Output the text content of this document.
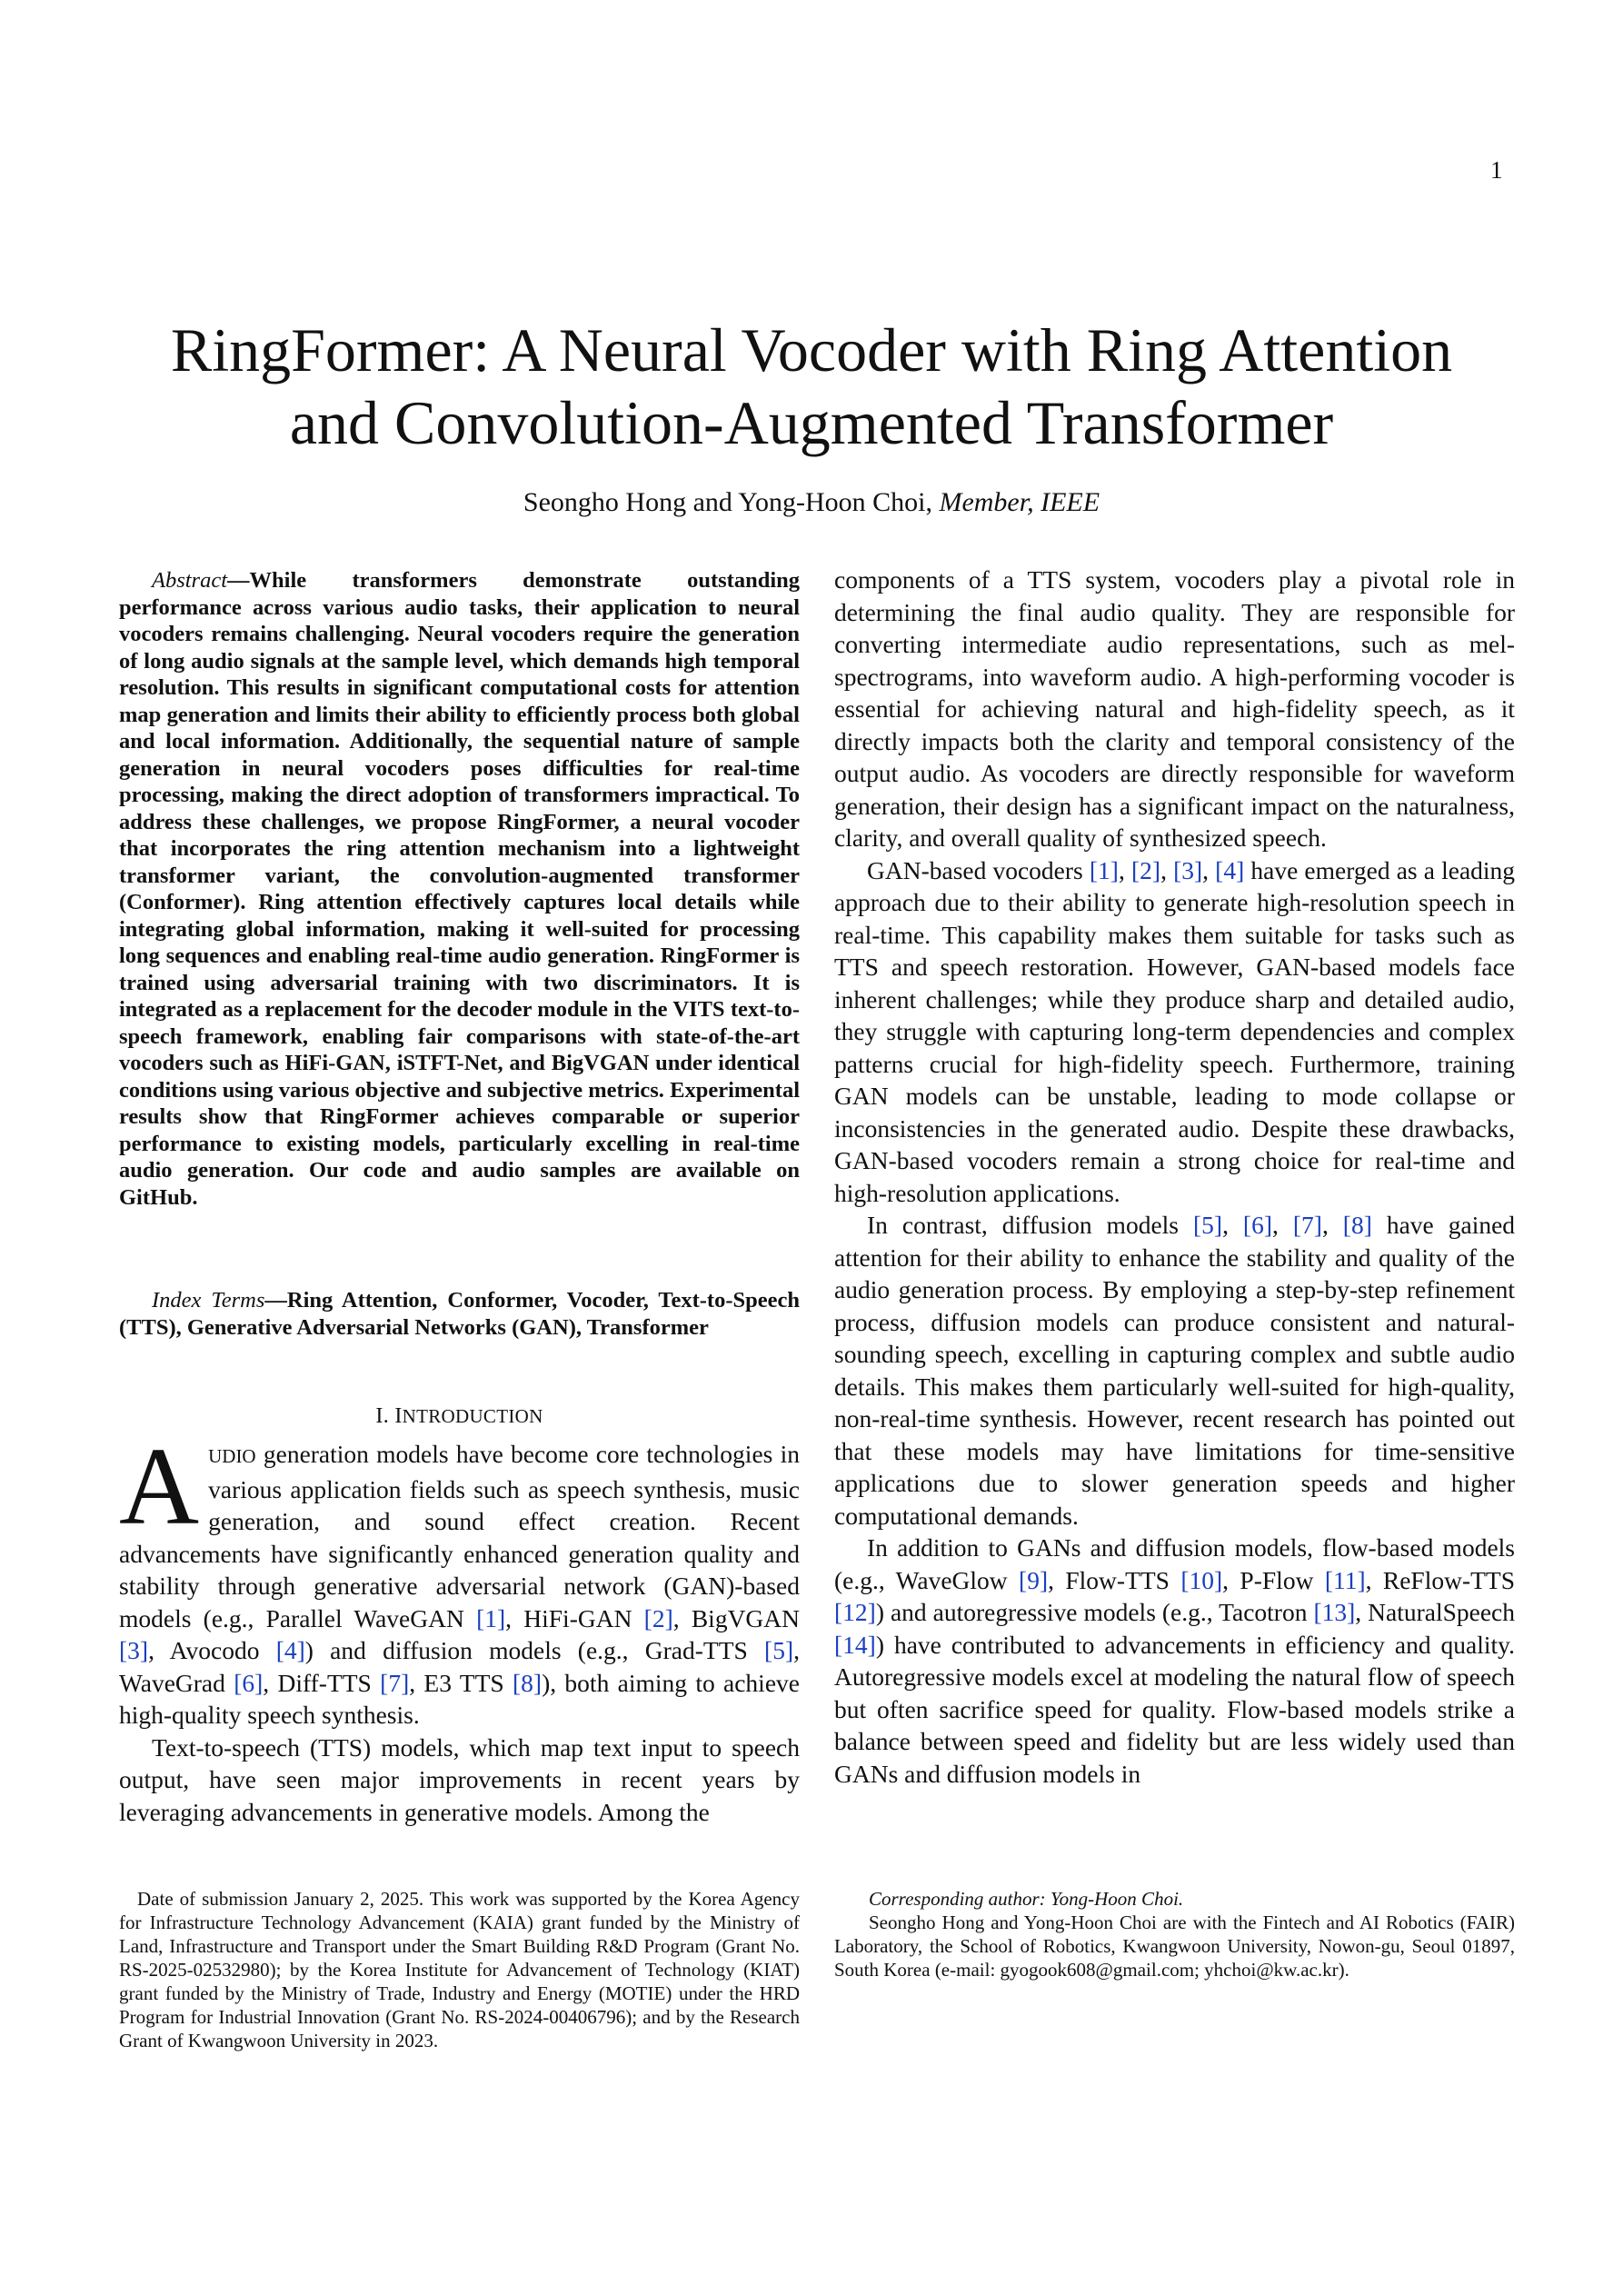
1
RingFormer: A Neural Vocoder with Ring Attention
and Convolution-Augmented Transformer
Seongho Hong and Yong-Hoon Choi, Member, IEEE

Abstract—While transformers demonstrate outstanding performance across various audio tasks, their application to neural vocoders remains challenging. Neural vocoders require the generation of long audio signals at the sample level, which demands high temporal resolution. This results in significant computational costs for attention map generation and limits their ability to efficiently process both global and local information. Additionally, the sequential nature of sample generation in neural vocoders poses difficulties for real-time processing, making the direct adoption of transformers impractical. To address these challenges, we propose RingFormer, a neural vocoder that incorporates the ring attention mechanism into a lightweight transformer variant, the convolution-augmented transformer (Conformer). Ring attention effectively captures local details while integrating global information, making it well-suited for processing long sequences and enabling real-time audio generation. RingFormer is trained using adversarial training with two discriminators. It is integrated as a replacement for the decoder module in the VITS text-to-speech framework, enabling fair comparisons with state-of-the-art vocoders such as HiFi-GAN, iSTFT-Net, and BigVGAN under identical conditions using various objective and subjective metrics. Experimental results show that RingFormer achieves comparable or superior performance to existing models, particularly excelling in real-time audio generation. Our code and audio samples are available on GitHub.

Index Terms—Ring Attention, Conformer, Vocoder, Text-to-Speech (TTS), Generative Adversarial Networks (GAN), Transformer

I. INTRODUCTION

AUDIO generation models have become core technologies in various application fields such as speech synthesis, music generation, and sound effect creation. Recent advancements have significantly enhanced generation quality and stability through generative adversarial network (GAN)-based models (e.g., Parallel WaveGAN [1], HiFi-GAN [2], BigVGAN [3], Avocodo [4]) and diffusion models (e.g., Grad-TTS [5], WaveGrad [6], Diff-TTS [7], E3 TTS [8]), both aiming to achieve high-quality speech synthesis.

Text-to-speech (TTS) models, which map text input to speech output, have seen major improvements in recent years by leveraging advancements in generative models. Among the

components of a TTS system, vocoders play a pivotal role in determining the final audio quality. They are responsible for converting intermediate audio representations, such as mel-spectrograms, into waveform audio. A high-performing vocoder is essential for achieving natural and high-fidelity speech, as it directly impacts both the clarity and temporal consistency of the output audio. As vocoders are directly responsible for waveform generation, their design has a significant impact on the naturalness, clarity, and overall quality of synthesized speech.

GAN-based vocoders [1], [2], [3], [4] have emerged as a leading approach due to their ability to generate high-resolution speech in real-time. This capability makes them suitable for tasks such as TTS and speech restoration. However, GAN-based models face inherent challenges; while they produce sharp and detailed audio, they struggle with capturing long-term dependencies and complex patterns crucial for high-fidelity speech. Furthermore, training GAN models can be unstable, leading to mode collapse or inconsistencies in the generated audio. Despite these drawbacks, GAN-based vocoders remain a strong choice for real-time and high-resolution applications.

In contrast, diffusion models [5], [6], [7], [8] have gained attention for their ability to enhance the stability and quality of the audio generation process. By employing a step-by-step refinement process, diffusion models can produce consistent and natural-sounding speech, excelling in capturing complex and subtle audio details. This makes them particularly well-suited for high-quality, non-real-time synthesis. However, recent research has pointed out that these models may have limitations for time-sensitive applications due to slower generation speeds and higher computational demands.

In addition to GANs and diffusion models, flow-based models (e.g., WaveGlow [9], Flow-TTS [10], P-Flow [11], ReFlow-TTS [12]) and autoregressive models (e.g., Tacotron [13], NaturalSpeech [14]) have contributed to advancements in efficiency and quality. Autoregressive models excel at modeling the natural flow of speech but often sacrifice speed for quality. Flow-based models strike a balance between speed and fidelity but are less widely used than GANs and diffusion models in

Date of submission January 2, 2025. This work was supported by the Korea Agency for Infrastructure Technology Advancement (KAIA) grant funded by the Ministry of Land, Infrastructure and Transport under the Smart Building R&D Program (Grant No. RS-2025-02532980); by the Korea Institute for Advancement of Technology (KIAT) grant funded by the Ministry of Trade, Industry and Energy (MOTIE) under the HRD Program for Industrial Innovation (Grant No. RS-2024-00406796); and by the Research Grant of Kwangwoon University in 2023.

Corresponding author: Yong-Hoon Choi.

Seongho Hong and Yong-Hoon Choi are with the Fintech and AI Robotics (FAIR) Laboratory, the School of Robotics, Kwangwoon University, Nowon-gu, Seoul 01897, South Korea (e-mail: gyogook608@gmail.com; yhchoi@kw.ac.kr).
